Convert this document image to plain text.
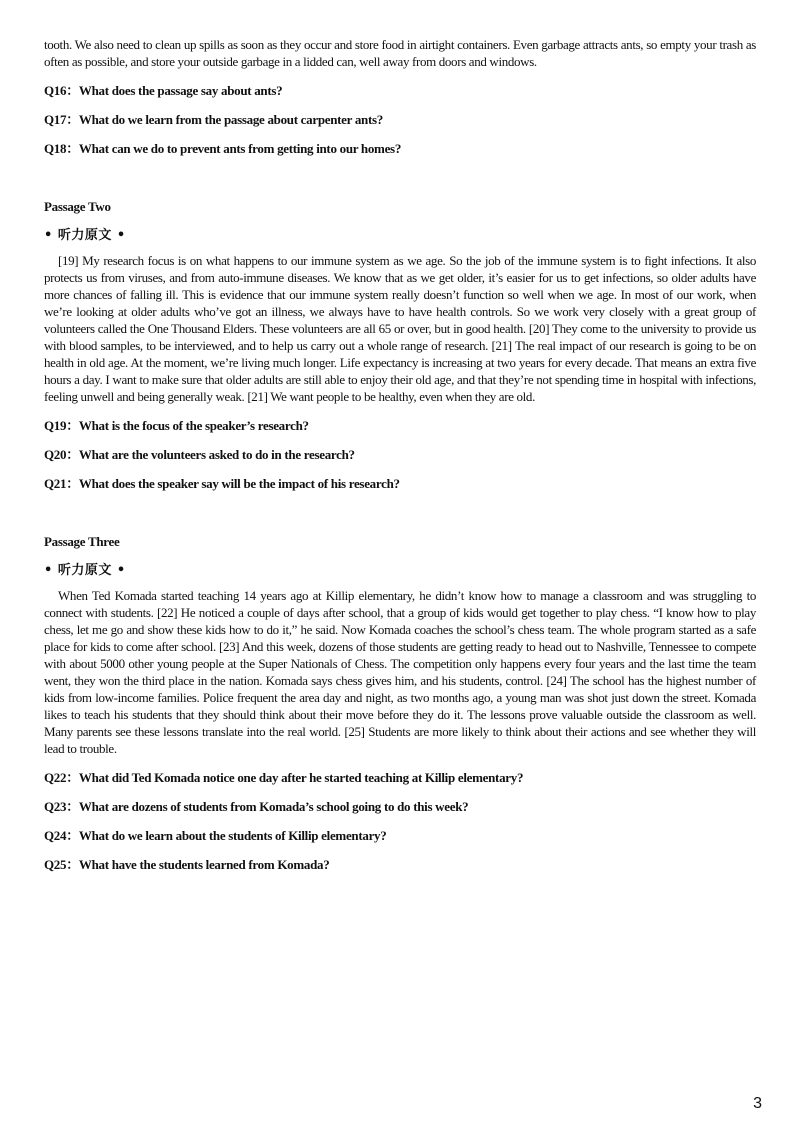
tooth. We also need to clean up spills as soon as they occur and store food in airtight containers. Even garbage attracts ants, so empty your trash as often as possible, and store your outside garbage in a lidded can, well away from doors and windows.

Q16：What does the passage say about ants?

Q17：What do we learn from the passage about carpenter ants?

Q18：What can we do to prevent ants from getting into our homes?

Passage Two

• 听力原文 •

[19] My research focus is on what happens to our immune system as we age. So the job of the immune system is to fight infections. It also protects us from viruses, and from auto-immune diseases. We know that as we get older, it’s easier for us to get infections, so older adults have more chances of falling ill. This is evidence that our immune system really doesn’t function so well when we age. In most of our work, when we’re looking at older adults who’ve got an illness, we always have to have health controls. So we work very closely with a great group of volunteers called the One Thousand Elders. These volunteers are all 65 or over, but in good health. [20] They come to the university to provide us with blood samples, to be interviewed, and to help us carry out a whole range of research. [21] The real impact of our research is going to be on health in old age. At the moment, we’re living much longer. Life expectancy is increasing at two years for every decade. That means an extra five hours a day. I want to make sure that older adults are still able to enjoy their old age, and that they’re not spending time in hospital with infections, feeling unwell and being generally weak. [21] We want people to be healthy, even when they are old.

Q19：What is the focus of the speaker’s research?

Q20：What are the volunteers asked to do in the research?

Q21：What does the speaker say will be the impact of his research?

Passage Three

• 听力原文 •

When Ted Komada started teaching 14 years ago at Killip elementary, he didn’t know how to manage a classroom and was struggling to connect with students. [22] He noticed a couple of days after school, that a group of kids would get together to play chess. “I know how to play chess, let me go and show these kids how to do it,” he said. Now Komada coaches the school’s chess team. The whole program started as a safe place for kids to come after school. [23] And this week, dozens of those students are getting ready to head out to Nashville, Tennessee to compete with about 5000 other young people at the Super Nationals of Chess. The competition only happens every four years and the last time the team went, they won the third place in the nation. Komada says chess gives him, and his students, control. [24] The school has the highest number of kids from low-income families. Police frequent the area day and night, as two months ago, a young man was shot just down the street. Komada likes to teach his students that they should think about their move before they do it. The lessons prove valuable outside the classroom as well. Many parents see these lessons translate into the real world. [25] Students are more likely to think about their actions and see whether they will lead to trouble.

Q22：What did Ted Komada notice one day after he started teaching at Killip elementary?

Q23：What are dozens of students from Komada’s school going to do this week?

Q24：What do we learn about the students of Killip elementary?

Q25：What have the students learned from Komada?

3
